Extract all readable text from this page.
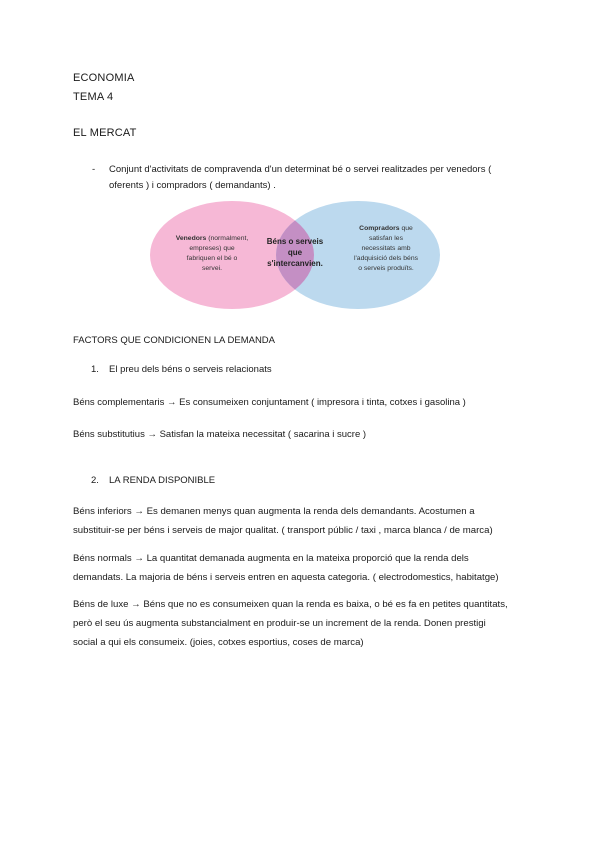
ECONOMIA
TEMA 4
EL MERCAT
- Conjunt d'activitats de compravenda d'un determinat bé o servei realitzades per venedors (
oferents ) i compradors ( demandants) .
Venedors (normalment,
empreses) que
fabriquen el bé o
servei.
Béns o serveis
que
s'intercanvien.
Compradors que
satisfan les
necessitats amb
l'adquisició dels béns
o serveis produïts.
FACTORS QUE CONDICIONEN LA DEMANDA
1. El preu dels béns o serveis relacionats
Béns complementaris → Es consumeixen conjuntament ( impresora i tinta, cotxes i gasolina )
Béns substitutius → Satisfan la mateixa necessitat ( sacarina i sucre )
2. LA RENDA DISPONIBLE
Béns inferiors → Es demanen menys quan augmenta la renda dels demandants. Acostumen a
substituir-se per béns i serveis de major qualitat. ( transport públic / taxi , marca blanca / de marca)
Béns normals → La quantitat demanada augmenta en la mateixa proporció que la renda dels
demandats. La majoria de béns i serveis entren en aquesta categoria. ( electrodomestics, habitatge)
Béns de luxe → Béns que no es consumeixen quan la renda es baixa, o bé es fa en petites quantitats,
però el seu ús augmenta substancialment en produir-se un increment de la renda. Donen prestigi
social a qui els consumeix. (joies, cotxes esportius, coses de marca)
